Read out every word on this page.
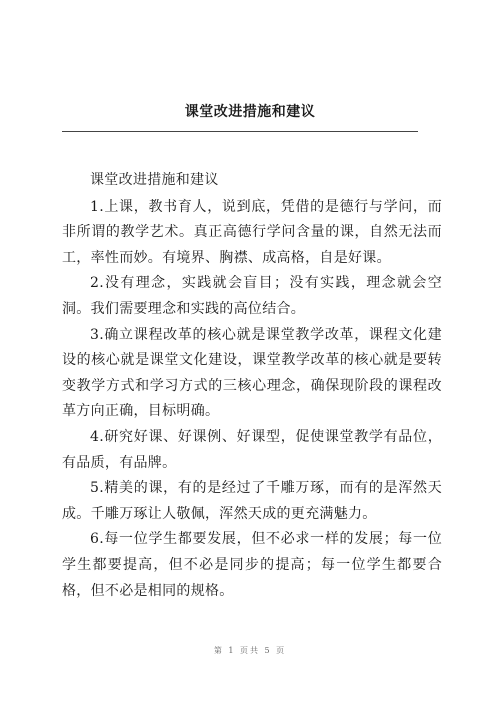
课堂改进措施和建议

课堂改进措施和建议

1.上课，教书育人，说到底，凭借的是德行与学问，而非所谓的教学艺术。真正高德行学问含量的课，自然无法而工，率性而妙。有境界、胸襟、成高格，自是好课。

2.没有理念，实践就会盲目；没有实践，理念就会空洞。我们需要理念和实践的高位结合。

3.确立课程改革的核心就是课堂教学改革，课程文化建设的核心就是课堂文化建设，课堂教学改革的核心就是要转变教学方式和学习方式的三核心理念，确保现阶段的课程改革方向正确，目标明确。

4.研究好课、好课例、好课型，促使课堂教学有品位，有品质，有品牌。

5.精美的课，有的是经过了千雕万琢，而有的是浑然天成。千雕万琢让人敬佩，浑然天成的更充满魅力。

6.每一位学生都要发展，但不必求一样的发展；每一位学生都要提高，但不必是同步的提高；每一位学生都要合格，但不必是相同的规格。

第 1 页共 5 页
